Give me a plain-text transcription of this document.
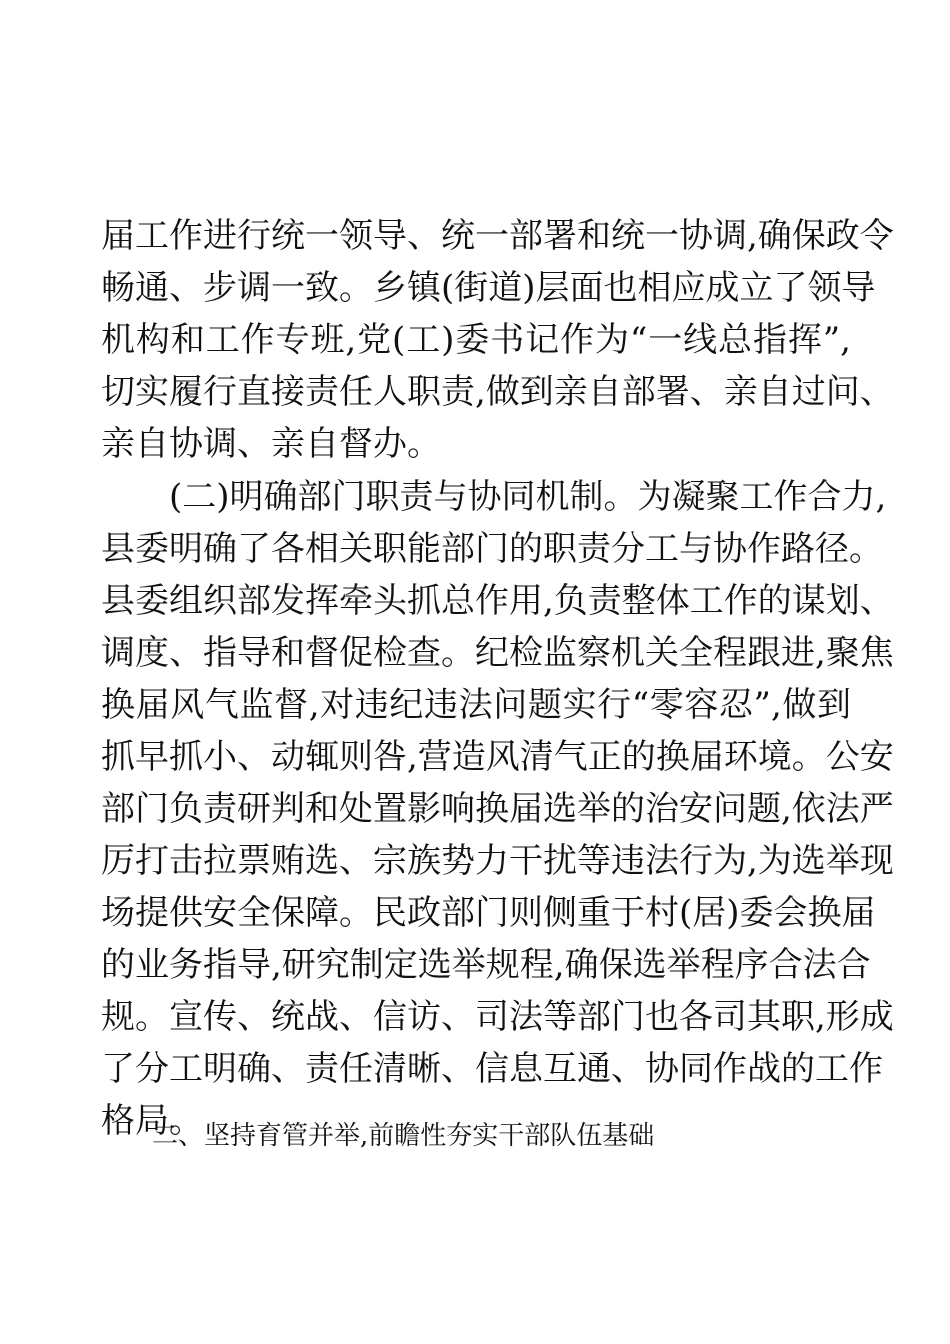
届工作进行统一领导、统一部署和统一协调,确保政令
畅通、步调一致。乡镇(街道)层面也相应成立了领导
机构和工作专班,党(工)委书记作为“一线总指挥”,
切实履行直接责任人职责,做到亲自部署、亲自过问、
亲自协调、亲自督办。
(二)明确部门职责与协同机制。为凝聚工作合力,
县委明确了各相关职能部门的职责分工与协作路径。
县委组织部发挥牵头抓总作用,负责整体工作的谋划、
调度、指导和督促检查。纪检监察机关全程跟进,聚焦
换届风气监督,对违纪违法问题实行“零容忍”,做到
抓早抓小、动辄则咎,营造风清气正的换届环境。公安
部门负责研判和处置影响换届选举的治安问题,依法严
厉打击拉票贿选、宗族势力干扰等违法行为,为选举现
场提供安全保障。民政部门则侧重于村(居)委会换届
的业务指导,研究制定选举规程,确保选举程序合法合
规。宣传、统战、信访、司法等部门也各司其职,形成
了分工明确、责任清晰、信息互通、协同作战的工作
格局。
二、坚持育管并举,前瞻性夯实干部队伍基础
